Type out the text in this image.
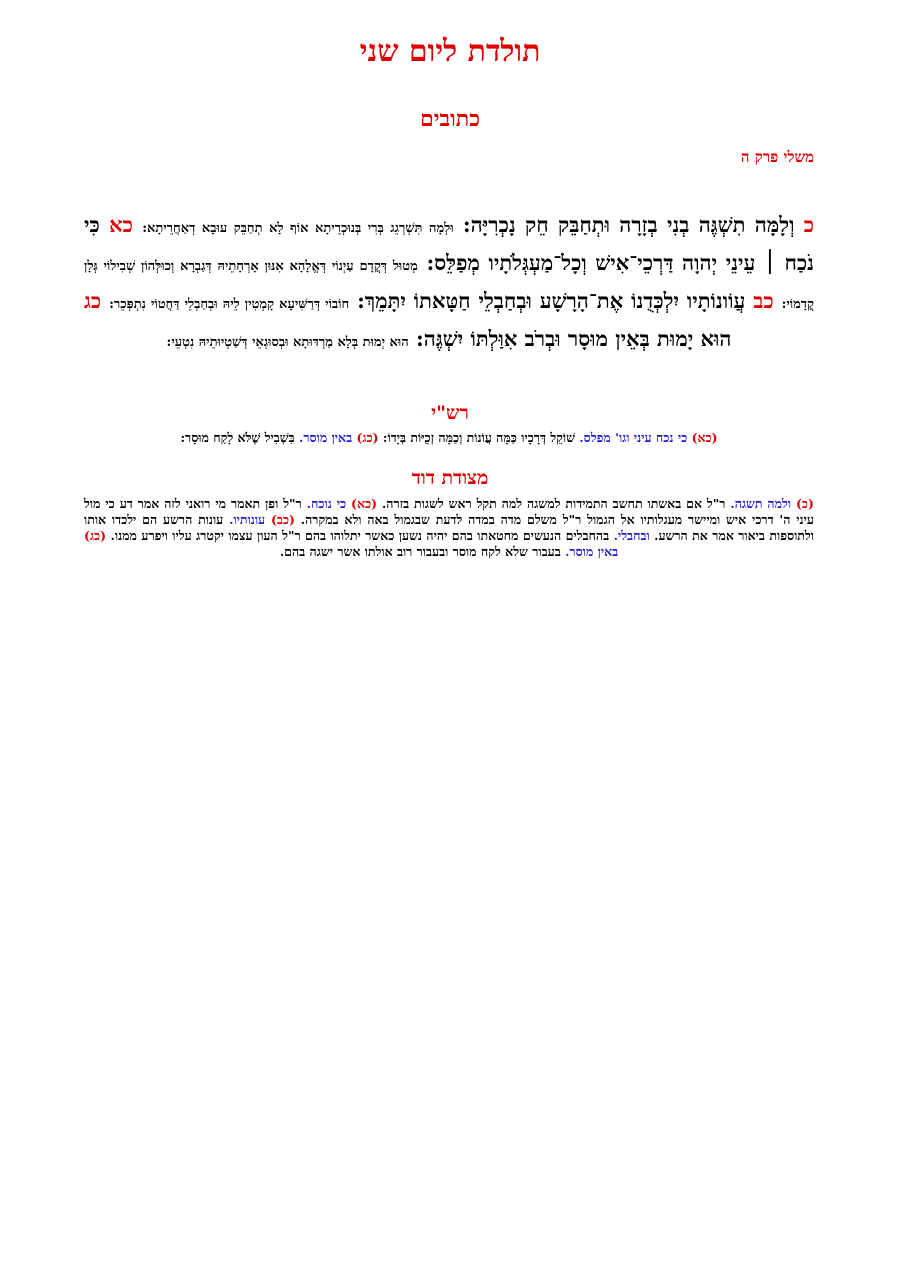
תולדת ליום שני
כתובים
משלי פרק ה
כ וְלָמָּה תִשְׁגֶּה בְנִי בְזָרָה וּתְחַבֵּק חֵק נָכְרִיָּה: וּלְמָה תִּשְׁרְגֵג בְּרִי בְּנוּכְרֵיתָא אוֹף לָא תְחַבֵּק עוּבָא דְאַחֲרֵיתָא: כא כִּי נֹכַח ׀ עֵינֵי יְהוָה דַּרְכֵי־אִישׁ וְכָל־מַעְגְּלֹתָיו מְפַלֵּס: מְטוּל דְּקֳדָם עַיְנוֹי דְּאֱלָהָא אִנּוּן אָרְחָתֵיהּ דְּגַבְרָא וְכוּלְּהוֹן שְׁבִילוֹי גְּלָן קֳדָמוֹי: כב עֲוֹונוֹתָיו יִלְכְּדֻנוֹ אֶת־הָרָשָׁע וּבְחַבְלֵי חַטָּאתוֹ יִתָּמֵךְ: חוֹבוֹי דְּרַשִּׁיעָא קָמְטִין לֵיהּ וּבְחַבְלֵי דַּחֲטוֹי נִתְפְּכֵר: כג הוּא יָמוּת בְּאֵין מוּסָר וּבְרֹב אִוַּלְתּוֹ יִשְׁגֶּה: הוּא יְמוּת בְּלָא מַרְדּוּתָא וּבְסוּגְאֵי דְּשַׁטְיוּתֵיהּ נִטְעֵי:
רש"י
(כא) כי נכח עיני וגו' מפלס. שׁוֹקֵל דְּרָכָיו כַּמָּה עֲוֹנוֹת וְכַמָּה זְכֻיּוֹת בְּיָדוֹ: (כג) באין מוסר. בִּשְׁבִיל שֶׁלֹּא לָקַח מוּסָר:
מצודת דוד
(כ) ולמה תשגה. ר"ל אם באשתו תחשב התמידות למשגה למה תקל ראש לשגות בזרה. (כא) כי נוכח. ר"ל ופן תאמר מי רואני לזה אמר דע כי מול עיני ה' דרכי איש ומיישר מעגלותיו אל הגמול ר"ל משלם מדה במדה לדעת שבגמול באה ולא במקרה. (כב) עונותיו. עונות הרשע הם ילכדו אותו ולתוספות ביאור אמר את הרשע. ובחבלי. בהחבלים הנעשים מחטאתו בהם יהיה נשען כאשר יתלוהו בהם ר"ל העון עצמו יקטרג עליו ויפרע ממנו. (כג) באין מוסר. בעבור שלא לקח מוסר ובעבור רוב אולתו אשר ישגה בהם.
